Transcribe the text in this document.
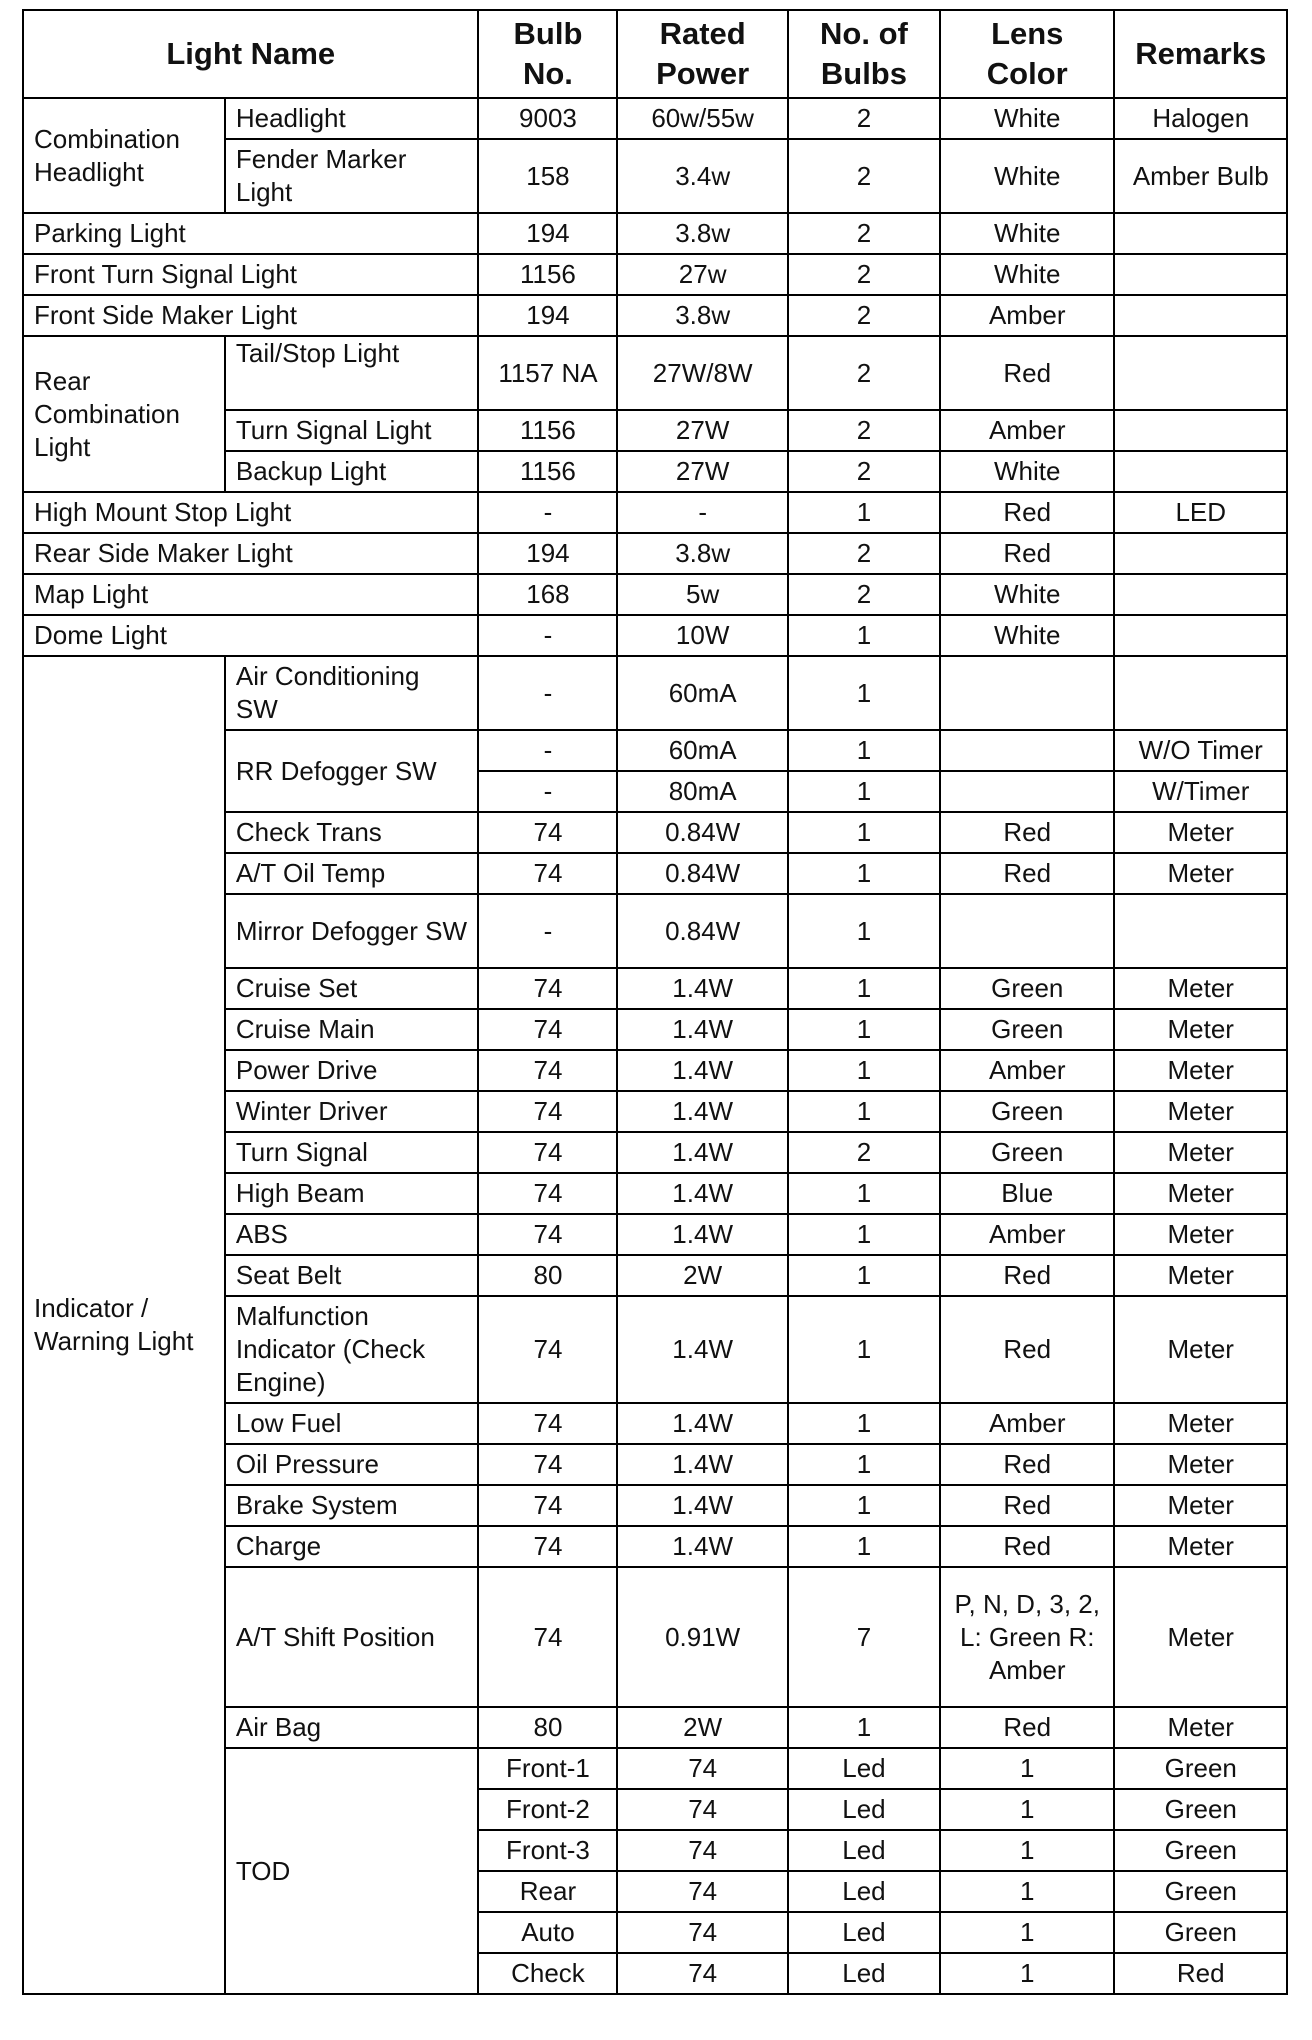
Light Name		Bulb No.	Rated Power	No. of Bulbs	Lens Color	Remarks
Combination Headlight	Headlight	9003	60w/55w	2	White	Halogen
	Fender Marker Light	158	3.4w	2	White	Amber Bulb
Parking Light		194	3.8w	2	White	
Front Turn Signal Light		1156	27w	2	White	
Front Side Maker Light		194	3.8w	2	Amber	
Rear Combination Light	Tail/Stop Light	1157 NA	27W/8W	2	Red	
	Turn Signal Light	1156	27W	2	Amber	
	Backup Light	1156	27W	2	White	
High Mount Stop Light		-	-	1	Red	LED
Rear Side Maker Light		194	3.8w	2	Red	
Map Light		168	5w	2	White	
Dome Light		-	10W	1	White	
Indicator / Warning Light	Air Conditioning SW	-	60mA	1		
	RR Defogger SW	-	60mA	1		W/O Timer
		-	80mA	1		W/Timer
	Check Trans	74	0.84W	1	Red	Meter
	A/T Oil Temp	74	0.84W	1	Red	Meter
	Mirror Defogger SW	-	0.84W	1		
	Cruise Set	74	1.4W	1	Green	Meter
	Cruise Main	74	1.4W	1	Green	Meter
	Power Drive	74	1.4W	1	Amber	Meter
	Winter Driver	74	1.4W	1	Green	Meter
	Turn Signal	74	1.4W	2	Green	Meter
	High Beam	74	1.4W	1	Blue	Meter
	ABS	74	1.4W	1	Amber	Meter
	Seat Belt	80	2W	1	Red	Meter
	Malfunction Indicator (Check Engine)	74	1.4W	1	Red	Meter
	Low Fuel	74	1.4W	1	Amber	Meter
	Oil Pressure	74	1.4W	1	Red	Meter
	Brake System	74	1.4W	1	Red	Meter
	Charge	74	1.4W	1	Red	Meter
	A/T Shift Position	74	0.91W	7	P, N, D, 3, 2, L: Green R: Amber	Meter
	Air Bag	80	2W	1	Red	Meter
	TOD	Front-1	74	Led	1	Green
		Front-2	74	Led	1	Green
		Front-3	74	Led	1	Green
		Rear	74	Led	1	Green
		Auto	74	Led	1	Green
		Check	74	Led	1	Red
